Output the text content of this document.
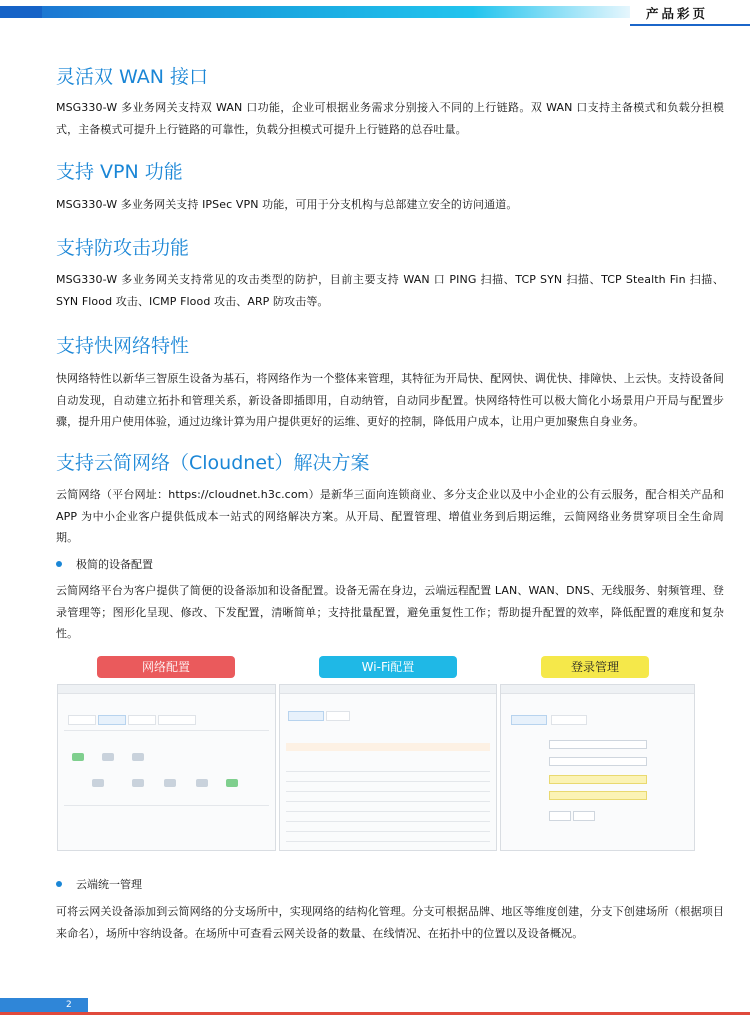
产品彩页
灵活双 WAN 接口
MSG330-W 多业务网关支持双 WAN 口功能，企业可根据业务需求分别接入不同的上行链路。双 WAN 口支持主备模式和负载分担模式，主备模式可提升上行链路的可靠性，负载分担模式可提升上行链路的总吞吐量。
支持 VPN 功能
MSG330-W 多业务网关支持 IPSec VPN 功能，可用于分支机构与总部建立安全的访问通道。
支持防攻击功能
MSG330-W 多业务网关支持常见的攻击类型的防护，目前主要支持 WAN 口 PING 扫描、TCP SYN 扫描、TCP Stealth Fin 扫描、SYN Flood 攻击、ICMP Flood 攻击、ARP 防攻击等。
支持快网络特性
快网络特性以新华三智原生设备为基石，将网络作为一个整体来管理，其特征为开局快、配网快、调优快、排障快、上云快。支持设备间自动发现，自动建立拓扑和管理关系，新设备即插即用，自动纳管，自动同步配置。快网络特性可以极大简化小场景用户开局与配置步骤，提升用户使用体验，通过边缘计算为用户提供更好的运维、更好的控制，降低用户成本，让用户更加聚焦自身业务。
支持云简网络（Cloudnet）解决方案
云简网络（平台网址：https://cloudnet.h3c.com）是新华三面向连锁商业、多分支企业以及中小企业的公有云服务，配合相关产品和 APP 为中小企业客户提供低成本一站式的网络解决方案。从开局、配置管理、增值业务到后期运维，云简网络业务贯穿项目全生命周期。
极简的设备配置
云简网络平台为客户提供了简便的设备添加和设备配置。设备无需在身边，云端远程配置 LAN、WAN、DNS、无线服务、射频管理、登录管理等；图形化呈现、修改、下发配置，清晰简单；支持批量配置，避免重复性工作；帮助提升配置的效率，降低配置的难度和复杂性。
云端统一管理
可将云网关设备添加到云简网络的分支场所中，实现网络的结构化管理。分支可根据品牌、地区等维度创建，分支下创建场所（根据项目来命名），场所中容纳设备。在场所中可查看云网关设备的数量、在线情况、在拓扑中的位置以及设备概况。
网络配置	Wi-Fi配置	登录管理
2
